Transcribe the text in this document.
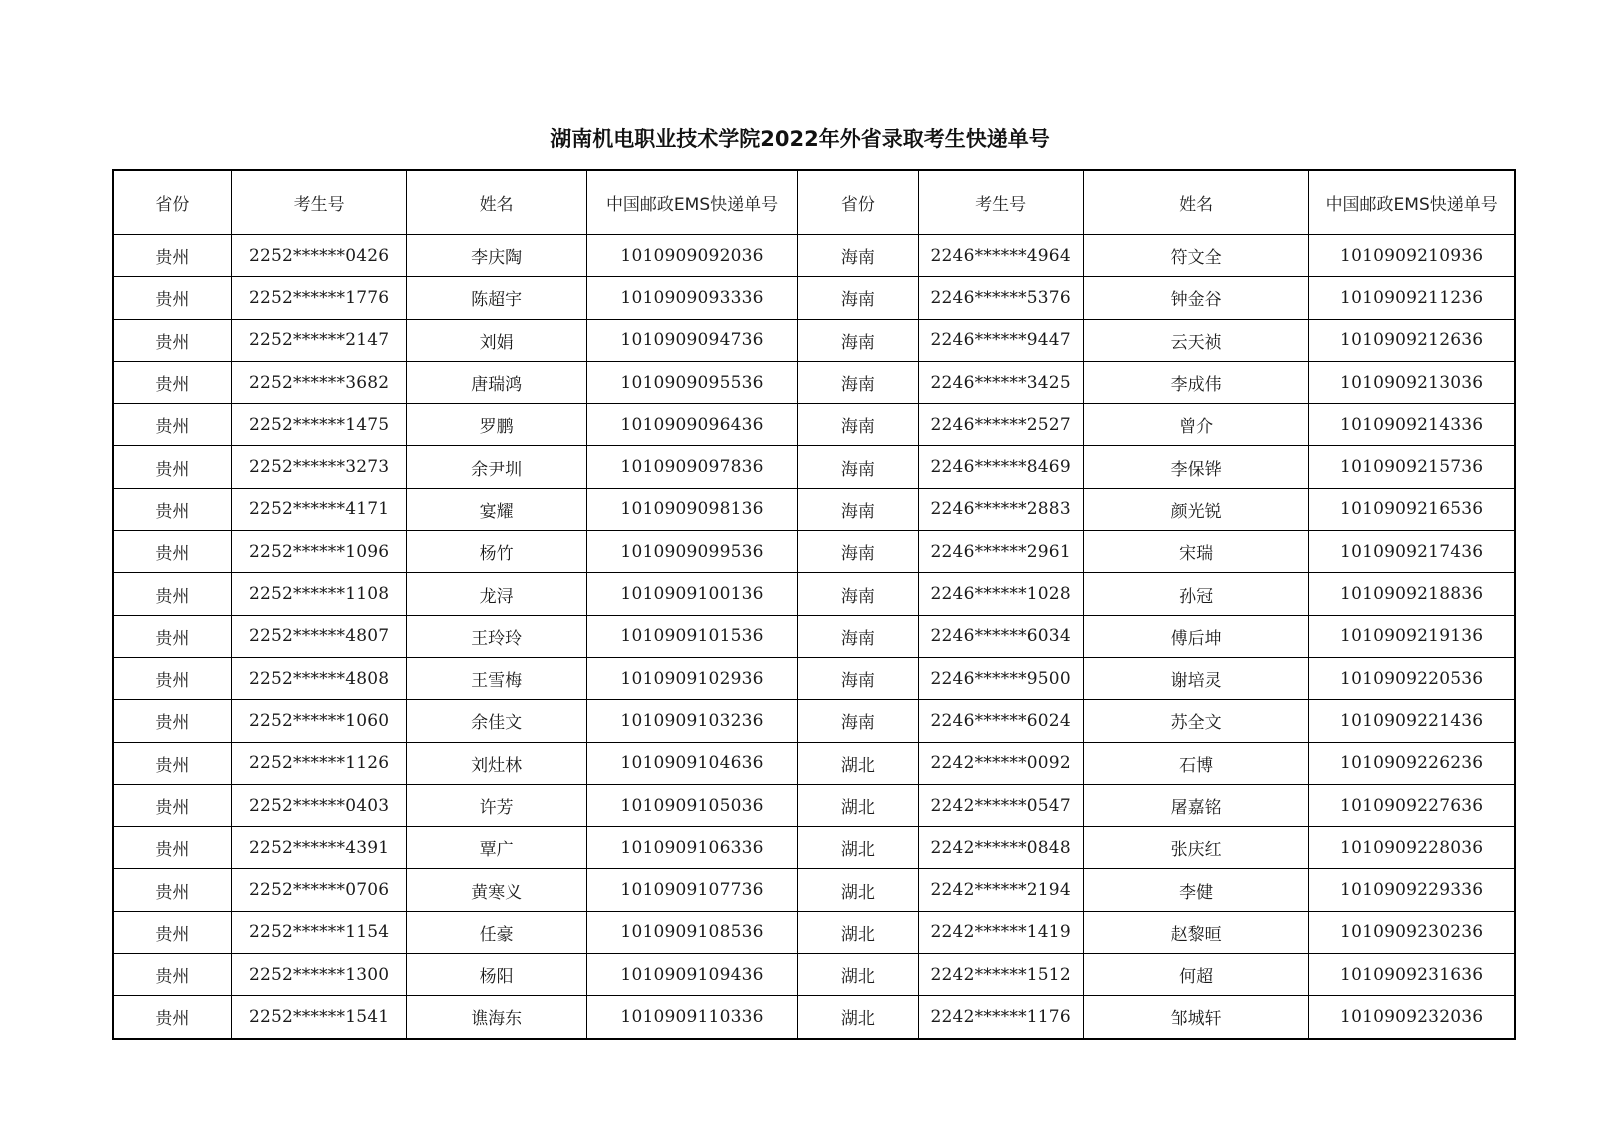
湖南机电职业技术学院2022年外省录取考生快递单号
省份	考生号	姓名	中国邮政EMS快递单号	省份	考生号	姓名	中国邮政EMS快递单号
贵州	2252******0426	李庆陶	1010909092036	海南	2246******4964	符文全	1010909210936
贵州	2252******1776	陈超宇	1010909093336	海南	2246******5376	钟金谷	1010909211236
贵州	2252******2147	刘娟	1010909094736	海南	2246******9447	云天祯	1010909212636
贵州	2252******3682	唐瑞鸿	1010909095536	海南	2246******3425	李成伟	1010909213036
贵州	2252******1475	罗鹏	1010909096436	海南	2246******2527	曾介	1010909214336
贵州	2252******3273	余尹圳	1010909097836	海南	2246******8469	李保铧	1010909215736
贵州	2252******4171	宴耀	1010909098136	海南	2246******2883	颜光锐	1010909216536
贵州	2252******1096	杨竹	1010909099536	海南	2246******2961	宋瑞	1010909217436
贵州	2252******1108	龙浔	1010909100136	海南	2246******1028	孙冠	1010909218836
贵州	2252******4807	王玲玲	1010909101536	海南	2246******6034	傅后坤	1010909219136
贵州	2252******4808	王雪梅	1010909102936	海南	2246******9500	谢培灵	1010909220536
贵州	2252******1060	余佳文	1010909103236	海南	2246******6024	苏全文	1010909221436
贵州	2252******1126	刘灶林	1010909104636	湖北	2242******0092	石博	1010909226236
贵州	2252******0403	许芳	1010909105036	湖北	2242******0547	屠嘉铭	1010909227636
贵州	2252******4391	覃广	1010909106336	湖北	2242******0848	张庆红	1010909228036
贵州	2252******0706	黄寒义	1010909107736	湖北	2242******2194	李健	1010909229336
贵州	2252******1154	任豪	1010909108536	湖北	2242******1419	赵黎晅	1010909230236
贵州	2252******1300	杨阳	1010909109436	湖北	2242******1512	何超	1010909231636
贵州	2252******1541	谯海东	1010909110336	湖北	2242******1176	邹城轩	1010909232036
